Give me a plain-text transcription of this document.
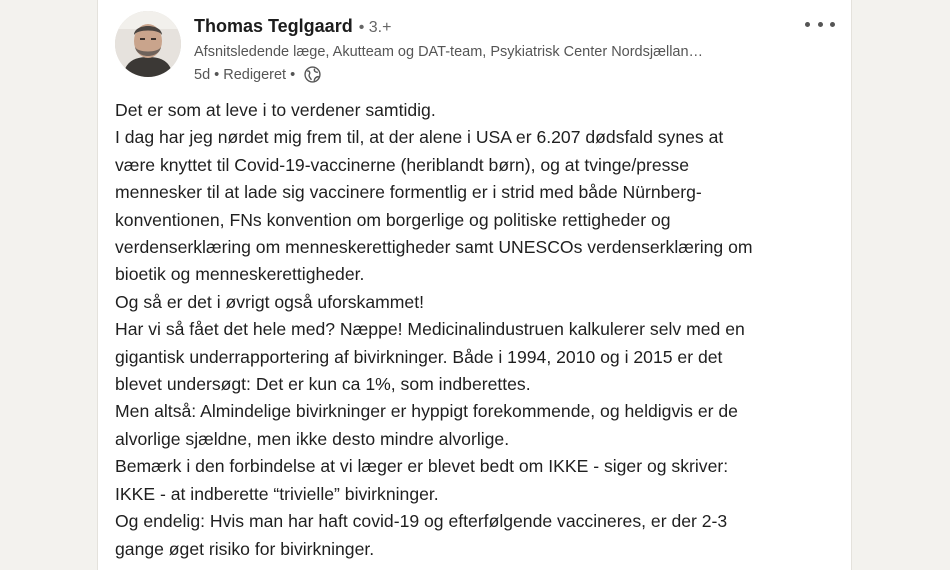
Thomas Teglgaard • 3.+
Afsnitsledende læge, Akutteam og DAT-team, Psykiatrisk Center Nordsjællan…
5d • Redigeret •

Det er som at leve i to verdener samtidig.

I dag har jeg nørdet mig frem til, at der alene i USA er 6.207 dødsfald synes at

være knyttet til Covid-19-vaccinerne (heriblandt børn), og at tvinge/presse

mennesker til at lade sig vaccinere formentlig er i strid med både Nürnberg-

konventionen, FNs konvention om borgerlige og politiske rettigheder og

verdenserklæring om menneskerettigheder samt UNESCOs verdenserklæring om

bioetik og menneskerettigheder.

Og så er det i øvrigt også uforskammet!

Har vi så fået det hele med? Næppe! Medicinalindustruen kalkulerer selv med en

gigantisk underrapportering af bivirkninger. Både i 1994, 2010 og i 2015 er det

blevet undersøgt: Det er kun ca 1%, som indberettes.

Men altså: Almindelige bivirkninger er hyppigt forekommende, og heldigvis er de

alvorlige sjældne, men ikke desto mindre alvorlige.

Bemærk i den forbindelse at vi læger er blevet bedt om IKKE - siger og skriver:

IKKE - at indberette “trivielle” bivirkninger.

Og endelig: Hvis man har haft covid-19 og efterfølgende vaccineres, er der 2-3

gange øget risiko for bivirkninger.
